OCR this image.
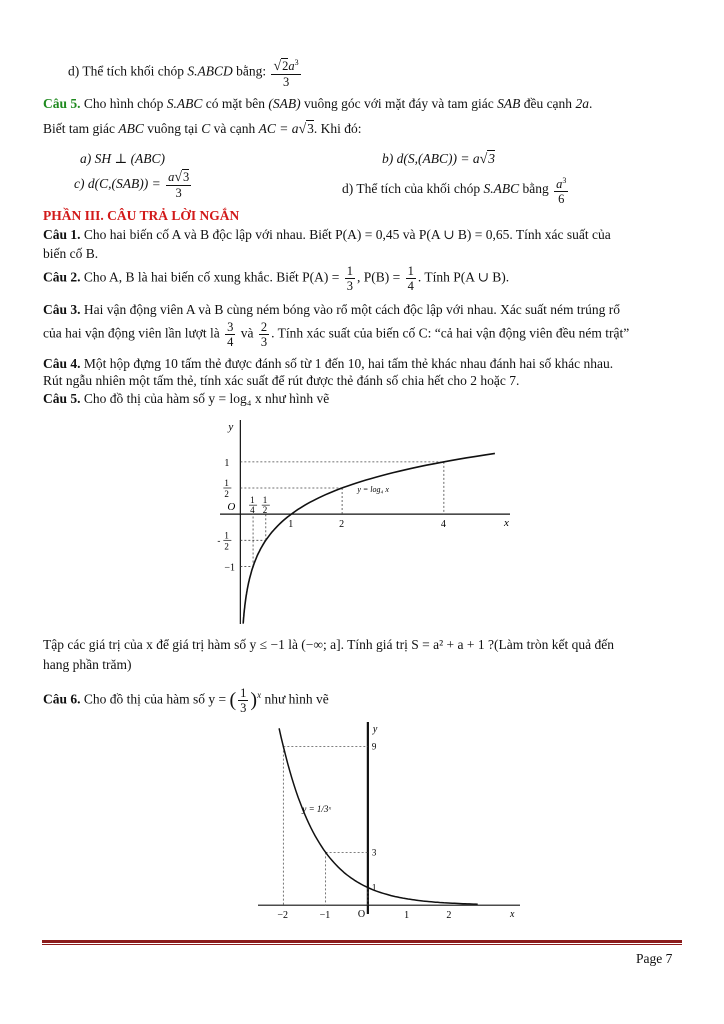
d) Thể tích khối chóp S.ABCD bằng: $\frac{√2a^3}{3}$
Câu 5. Cho hình chóp S.ABC có mặt bên (SAB) vuông góc với mặt đáy và tam giác SAB đều cạnh 2a.
Biết tam giác ABC vuông tại C và cạnh AC = a√3. Khi đó:
a) SH ⊥ (ABC)	b) d(S,(ABC)) = a√3
c) $d(C,(SAB)) = \frac{a√3}{3}$	d) Thể tích của khối chóp S.ABC bằng $\frac{a^3}{6}$
PHẦN III. CÂU TRẢ LỜI NGẮN
Câu 1. Cho hai biến cố A và B độc lập với nhau. Biết P(A) = 0,45 và P(A ∪ B) = 0,65. Tính xác suất của
biến cố B.
Câu 2. Cho A, B là hai biến cố xung khắc. Biết $P(A) = \frac{1}{3}$ , $P(B) = \frac{1}{4}$ . Tính P(A ∪ B).
Câu 3. Hai vận động viên A và B cùng ném bóng vào rổ một cách độc lập với nhau. Xác suất ném trúng rổ
của hai vận động viên lần lượt là $\frac{3}{4}$ và $\frac{2}{3}$ . Tính xác suất của biến cố C: “cả hai vận động viên đều ném trật”
Câu 4. Một hộp đựng 10 tấm thẻ được đánh số từ 1 đến 10, hai tấm thẻ khác nhau đánh hai số khác nhau.
Rút ngẫu nhiên một tấm thẻ, tính xác suất để rút được thẻ đánh số chia hết cho 2 hoặc 7.
Câu 5. Cho đồ thị của hàm số y = log₄ x như hình vẽ
x
y
O
1
4
1
2
1	2	4
1
1
2
- 1
2
−1
y = log₄ x
Tập các giá trị của x để giá trị hàm số y ≤ −1 là (−∞; a]. Tính giá trị S = a² + a + 1 ?(Làm tròn kết quả đến
hang phần trăm)
Câu 6. Cho đồ thị của hàm số y = ( $\frac{1}{3} )^x$ như hình vẽ
x
y
O
−2	−1	1	2
9
3
1
y = 1/3ˣ
Page 7
